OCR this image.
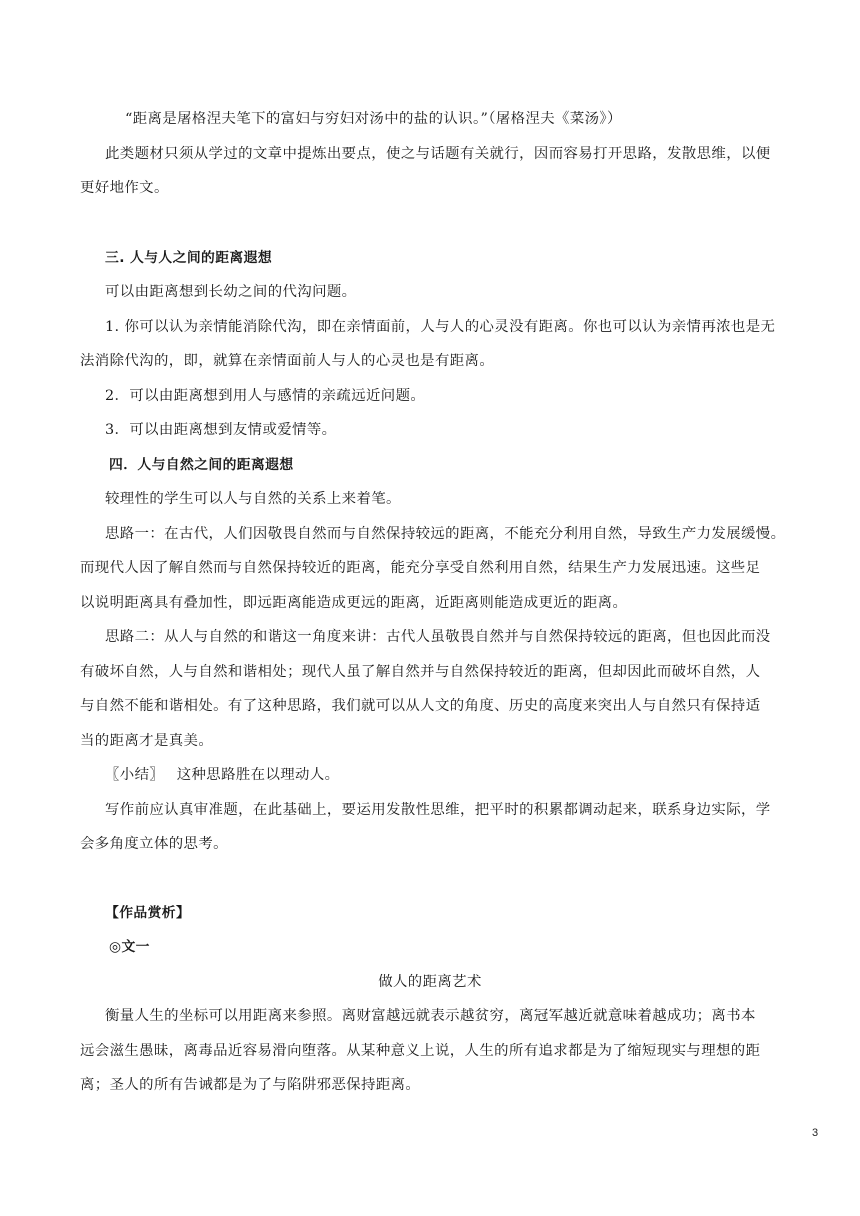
“距离是屠格涅夫笔下的富妇与穷妇对汤中的盐的认识。”（屠格涅夫《菜汤》）

此类题材只须从学过的文章中提炼出要点，使之与话题有关就行，因而容易打开思路，发散思维，以便

更好地作文。

三. 人与人之间的距离遐想

可以由距离想到长幼之间的代沟问题。

1. 你可以认为亲情能消除代沟，即在亲情面前，人与人的心灵没有距离。你也可以认为亲情再浓也是无

法消除代沟的，即，就算在亲情面前人与人的心灵也是有距离。

2．可以由距离想到用人与感情的亲疏远近问题。

3．可以由距离想到友情或爱情等。

四．人与自然之间的距离遐想

较理性的学生可以人与自然的关系上来着笔。

思路一：在古代，人们因敬畏自然而与自然保持较远的距离，不能充分利用自然，导致生产力发展缓慢。

而现代人因了解自然而与自然保持较近的距离，能充分享受自然利用自然，结果生产力发展迅速。这些足

以说明距离具有叠加性，即远距离能造成更远的距离，近距离则能造成更近的距离。

思路二：从人与自然的和谐这一角度来讲：古代人虽敬畏自然并与自然保持较远的距离，但也因此而没

有破坏自然，人与自然和谐相处；现代人虽了解自然并与自然保持较近的距离，但却因此而破坏自然，人

与自然不能和谐相处。有了这种思路，我们就可以从人文的角度、历史的高度来突出人与自然只有保持适

当的距离才是真美。

〖小结〗　 这种思路胜在以理动人。

写作前应认真审准题，在此基础上，要运用发散性思维，把平时的积累都调动起来，联系身边实际，学

会多角度立体的思考。

【作品赏析】

◎文一

做人的距离艺术

衡量人生的坐标可以用距离来参照。离财富越远就表示越贫穷，离冠军越近就意味着越成功；离书本

远会滋生愚昧，离毒品近容易滑向堕落。从某种意义上说，人生的所有追求都是为了缩短现实与理想的距

离；圣人的所有告诫都是为了与陷阱邪恶保持距离。

3
